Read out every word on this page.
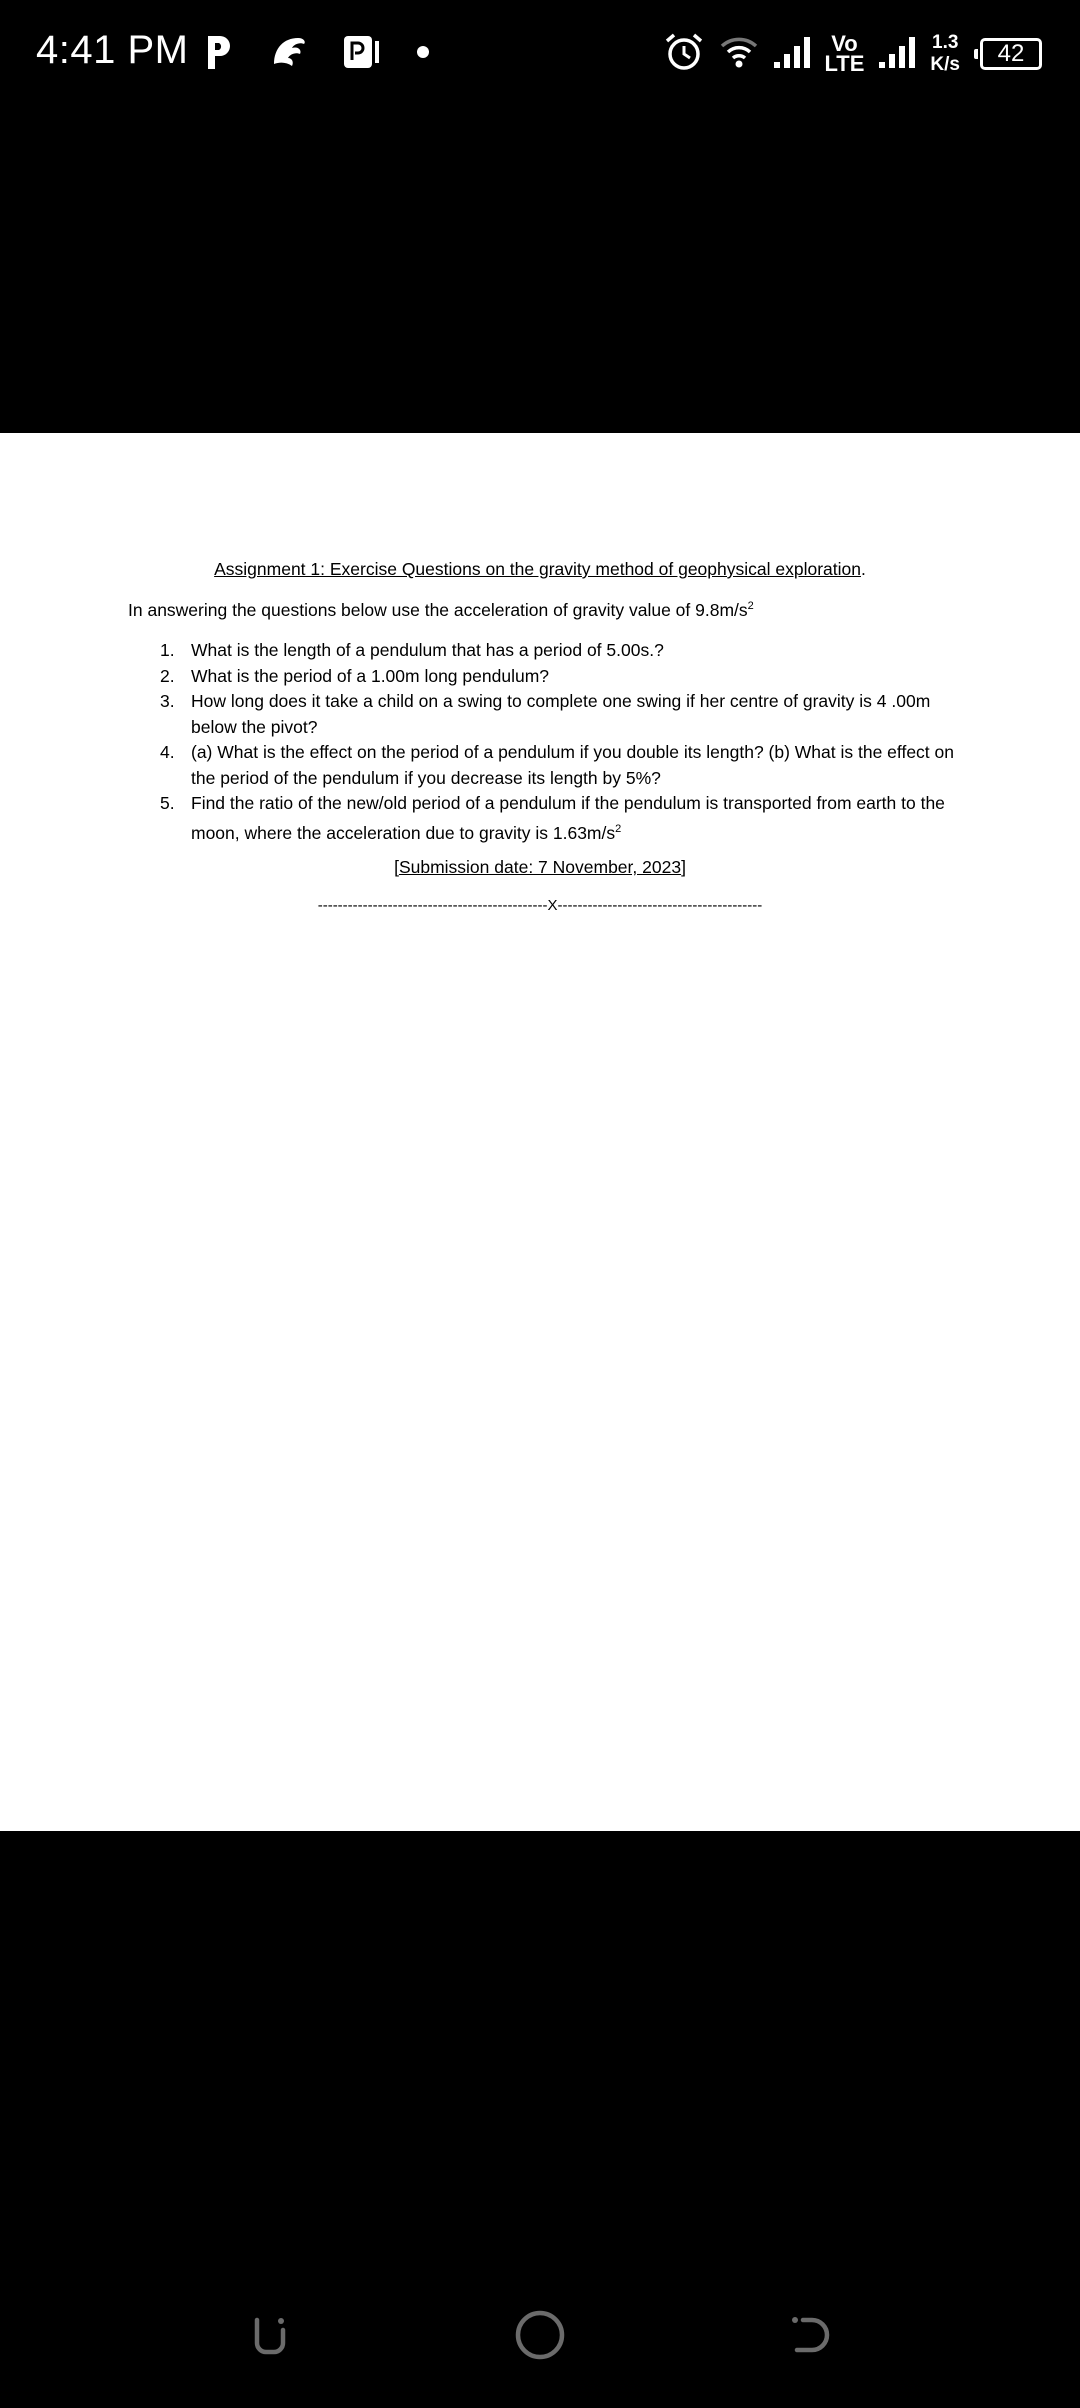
4:41 PM	Vo
LTE
1.3
K/s 42
Assignment 1: Exercise Questions on the gravity method of geophysical exploration.
In answering the questions below use the acceleration of gravity value of $9.8m/s^2$
1. What is the length of a pendulum that has a period of 5.00s.?
2. What is the period of a 1.00m long pendulum?
3. How long does it take a child on a swing to complete one swing if her centre of gravity is 4 .00m below the pivot?
4. (a) What is the effect on the period of a pendulum if you double its length? (b) What is the effect on the period of the pendulum if you decrease its length by 5%?
5. Find the ratio of the new/old period of a pendulum if the pendulum is transported from earth to the moon, where the acceleration due to gravity is $1.63m/s^2$
[Submission date: 7 November, 2023]
----------------------------------------------X-----------------------------------------
